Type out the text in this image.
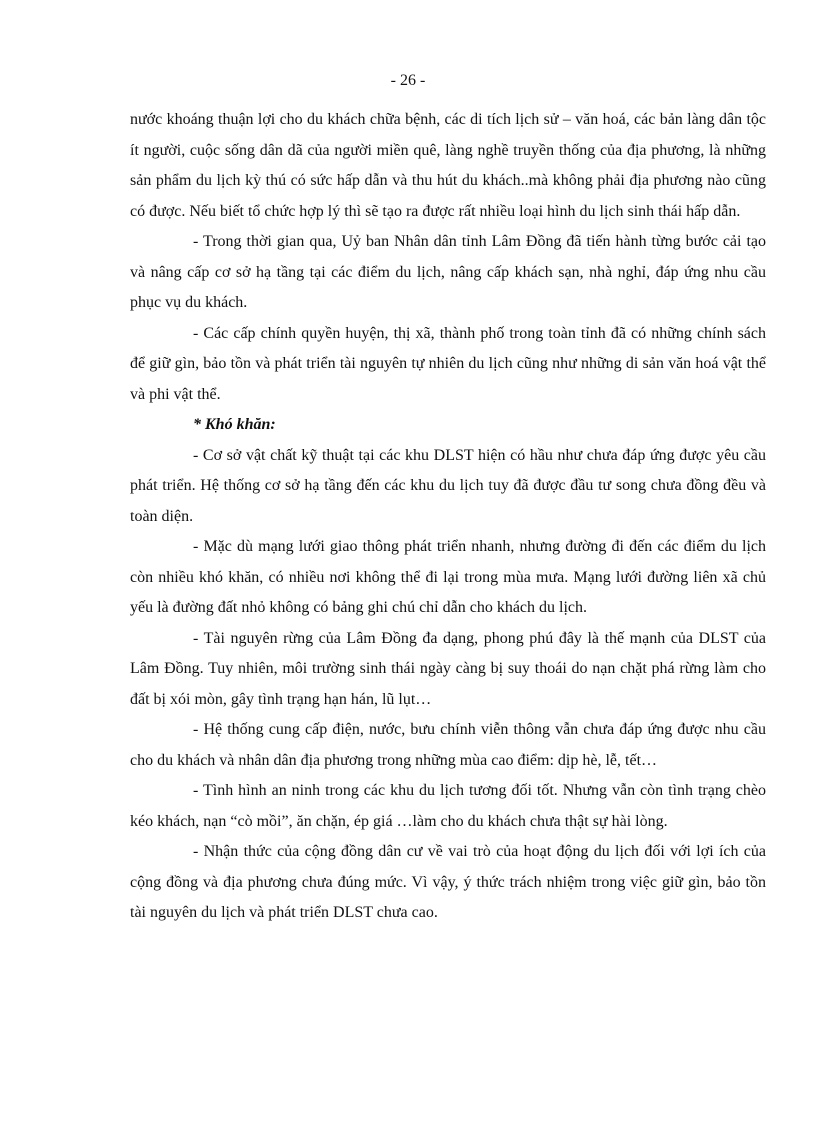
- 26 -

nước khoáng thuận lợi cho du khách chữa bệnh, các di tích lịch sử – văn hoá, các bản làng dân tộc ít người, cuộc sống dân dã của người miền quê, làng nghề truyền thống của địa phương, là những sản phẩm du lịch kỳ thú có sức hấp dẫn và thu hút du khách..mà không phải địa phương nào cũng có được. Nếu biết tổ chức hợp lý thì sẽ tạo ra được rất nhiều loại hình du lịch sinh thái hấp dẫn.

- Trong thời gian qua, Uỷ ban Nhân dân tỉnh Lâm Đồng đã tiến hành từng bước cải tạo và nâng cấp cơ sở hạ tầng tại các điểm du lịch, nâng cấp khách sạn, nhà nghỉ, đáp ứng nhu cầu phục vụ du khách.

- Các cấp chính quyền huyện, thị xã, thành phố trong toàn tỉnh đã có những chính sách để giữ gìn, bảo tồn và phát triển tài nguyên tự nhiên du lịch cũng như những di sản văn hoá vật thể và phi vật thể.

* Khó khăn:

- Cơ sở vật chất kỹ thuật tại các khu DLST hiện có hầu như chưa đáp ứng được yêu cầu phát triển. Hệ thống cơ sở hạ tầng đến các khu du lịch tuy đã được đầu tư song chưa đồng đều và toàn diện.

- Mặc dù mạng lưới giao thông phát triển nhanh, nhưng đường đi đến các điểm du lịch còn nhiều khó khăn, có nhiều nơi không thể đi lại trong mùa mưa. Mạng lưới đường liên xã chủ yếu là đường đất nhỏ không có bảng ghi chú chỉ dẫn cho khách du lịch.

- Tài nguyên rừng của Lâm Đồng đa dạng, phong phú đây là thế mạnh của DLST của Lâm Đồng. Tuy nhiên, môi trường sinh thái ngày càng bị suy thoái do nạn chặt phá rừng làm cho đất bị xói mòn, gây tình trạng hạn hán, lũ lụt…

- Hệ thống cung cấp điện, nước, bưu chính viễn thông vẫn chưa đáp ứng được nhu cầu cho du khách và nhân dân địa phương trong những mùa cao điểm: dịp hè, lễ, tết…

- Tình hình an ninh trong các khu du lịch tương đối tốt. Nhưng vẫn còn tình trạng chèo kéo khách, nạn “cò mồi”, ăn chặn, ép giá …làm cho du khách chưa thật sự hài lòng.

- Nhận thức của cộng đồng dân cư về vai trò của hoạt động du lịch đối với lợi ích của cộng đồng và địa phương chưa đúng mức. Vì vậy, ý thức trách nhiệm trong việc giữ gìn, bảo tồn tài nguyên du lịch và phát triển DLST chưa cao.
